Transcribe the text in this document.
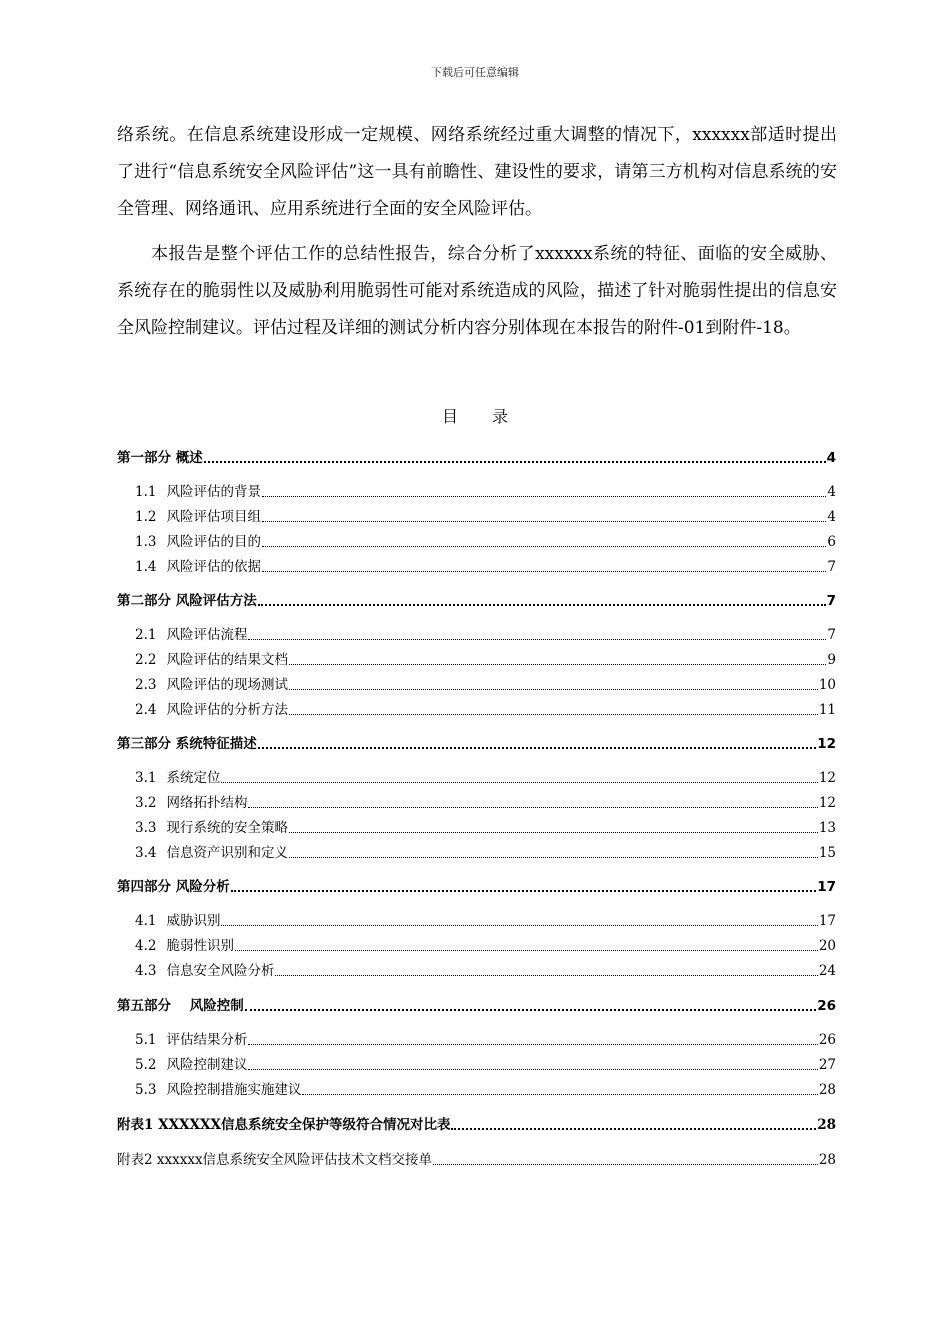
下载后可任意编辑

络系统。在信息系统建设形成一定规模、网络系统经过重大调整的情况下，xxxxxx部适时提出了进行“信息系统安全风险评估”这一具有前瞻性、建设性的要求，请第三方机构对信息系统的安全管理、网络通讯、应用系统进行全面的安全风险评估。

本报告是整个评估工作的总结性报告，综合分析了xxxxxx系统的特征、面临的安全威胁、系统存在的脆弱性以及威胁利用脆弱性可能对系统造成的风险，描述了针对脆弱性提出的信息安全风险控制建议。评估过程及详细的测试分析内容分别体现在本报告的附件-01到附件-18。

目 录
第一部分 概述	4
1.1 风险评估的背景	4
1.2 风险评估项目组	4
1.3 风险评估的目的	6
1.4 风险评估的依据	7
第二部分 风险评估方法	7
2.1 风险评估流程	7
2.2 风险评估的结果文档	9
2.3 风险评估的现场测试	10
2.4 风险评估的分析方法	11
第三部分 系统特征描述	12
3.1 系统定位	12
3.2 网络拓扑结构	12
3.3 现行系统的安全策略	13
3.4 信息资产识别和定义	15
第四部分 风险分析	17
4.1 威胁识别	17
4.2 脆弱性识别	20
4.3 信息安全风险分析	24
第五部分    风险控制	26
5.1 评估结果分析	26
5.2 风险控制建议	27
5.3 风险控制措施实施建议	28
附表1 XXXXXX信息系统安全保护等级符合情况对比表	28
附表2 xxxxxx信息系统安全风险评估技术文档交接单	28
